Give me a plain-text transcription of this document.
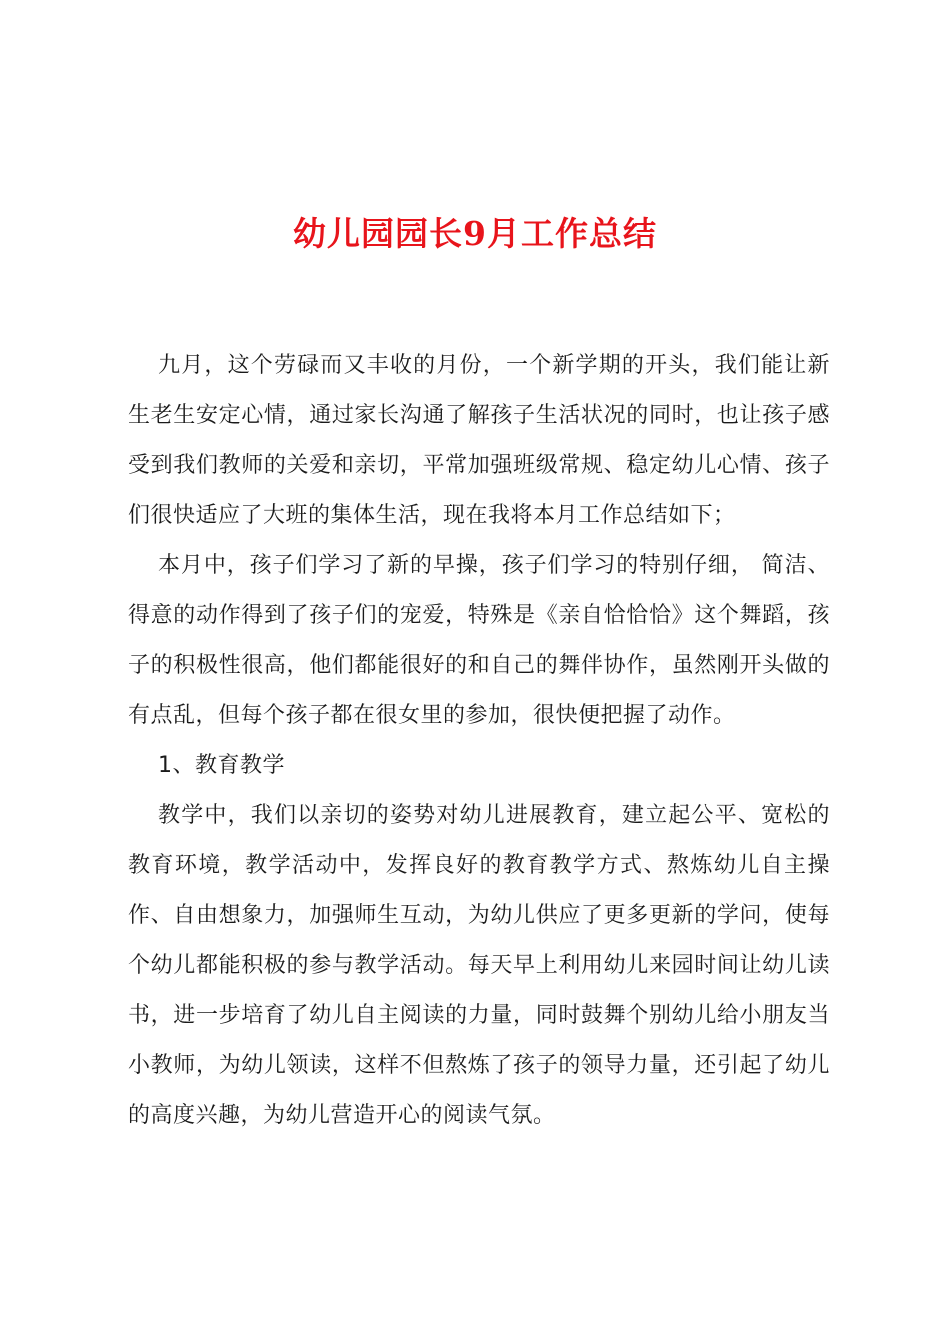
幼儿园园长9月工作总结

九月，这个劳碌而又丰收的月份，一个新学期的开头，我们能让新生老生安定心情，通过家长沟通了解孩子生活状况的同时，也让孩子感受到我们教师的关爱和亲切，平常加强班级常规、稳定幼儿心情、孩子们很快适应了大班的集体生活，现在我将本月工作总结如下；

本月中，孩子们学习了新的早操，孩子们学习的特别仔细， 简洁、得意的动作得到了孩子们的宠爱，特殊是《亲自恰恰恰》这个舞蹈，孩子的积极性很高，他们都能很好的和自己的舞伴协作，虽然刚开头做的有点乱，但每个孩子都在很女里的参加，很快便把握了动作。

1、教育教学

教学中，我们以亲切的姿势对幼儿进展教育，建立起公平、宽松的教育环境，教学活动中，发挥良好的教育教学方式、熬炼幼儿自主操作、自由想象力，加强师生互动，为幼儿供应了更多更新的学问，使每个幼儿都能积极的参与教学活动。每天早上利用幼儿来园时间让幼儿读书，进一步培育了幼儿自主阅读的力量，同时鼓舞个别幼儿给小朋友当小教师，为幼儿领读，这样不但熬炼了孩子的领导力量，还引起了幼儿的高度兴趣，为幼儿营造开心的阅读气氛。
